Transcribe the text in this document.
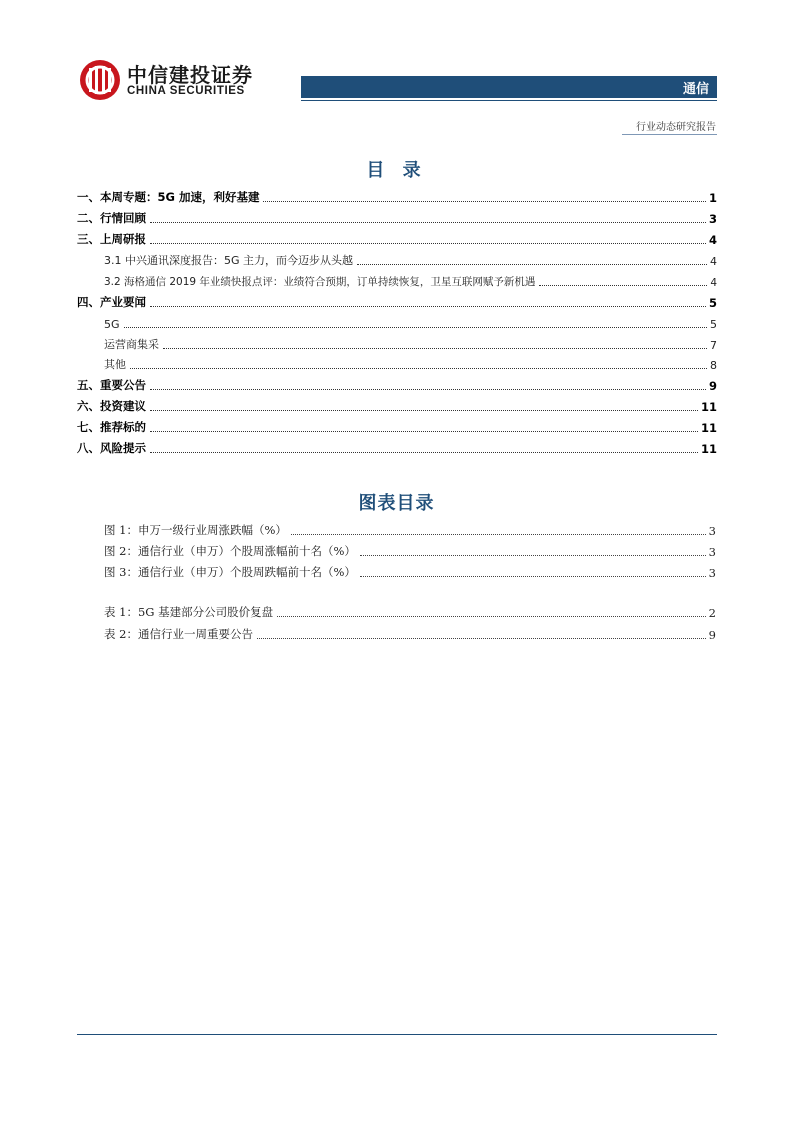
中信建投证券
CHINA SECURITIES	通信
行业动态研究报告
目 录
一、本周专题：5G 加速，利好基建	1
二、行情回顾	3
三、上周研报	4
3.1 中兴通讯深度报告：5G 主力，而今迈步从头越	4
3.2 海格通信 2019 年业绩快报点评：业绩符合预期，订单持续恢复，卫星互联网赋予新机遇	4
四、产业要闻	5
5G	5
运营商集采	7
其他	8
五、重要公告	9
六、投资建议	11
七、推荐标的	11
八、风险提示	11
图表目录
图 1：申万一级行业周涨跌幅（%）	3
图 2：通信行业（申万）个股周涨幅前十名（%）	3
图 3：通信行业（申万）个股周跌幅前十名（%）	3
表 1：5G 基建部分公司股价复盘	2
表 2：通信行业一周重要公告	9
